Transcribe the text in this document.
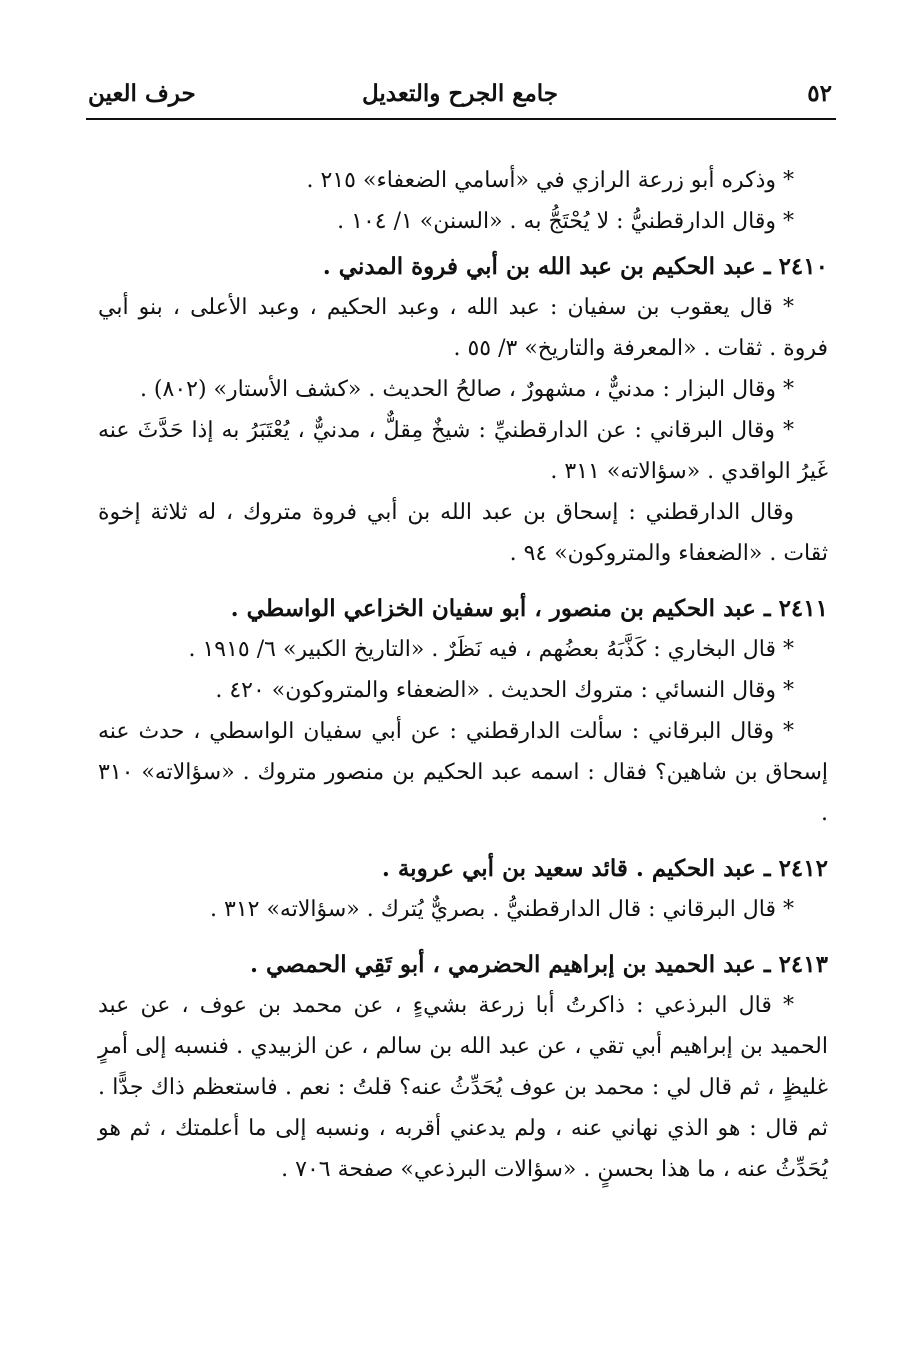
٥٢
جامع الجرح والتعديل
حرف العين

* وذكره أبو زرعة الرازي في «أسامي الضعفاء» ٢١٥ .

* وقال الدارقطنيُّ : لا يُحْتَجُّ به . «السنن» ١/ ١٠٤ .

٢٤١٠ ـ عبد الحكيم بن عبد الله بن أبي فروة المدني .

* قال يعقوب بن سفيان : عبد الله ، وعبد الحكيم ، وعبد الأعلى ، بنو أبي فروة . ثقات . «المعرفة والتاريخ» ٣/ ٥٥ .

* وقال البزار : مدنيٌّ ، مشهورٌ ، صالحُ الحديث . «كشف الأستار» (٨٠٢) .

* وقال البرقاني : عن الدارقطنيِّ : شيخٌ مِقلٌّ ، مدنيٌّ ، يُعْتَبَرُ به إذا حَدَّثَ عنه غَيرُ الواقدي . «سؤالاته» ٣١١ .

وقال الدارقطني : إسحاق بن عبد الله بن أبي فروة متروك ، له ثلاثة إخوة ثقات . «الضعفاء والمتروكون» ٩٤ .

٢٤١١ ـ عبد الحكيم بن منصور ، أبو سفيان الخزاعي الواسطي .

* قال البخاري : كَذَّبَهُ بعضُهم ، فيه نَظَرٌ . «التاريخ الكبير» ٦/ ١٩١٥ .

* وقال النسائي : متروك الحديث . «الضعفاء والمتروكون» ٤٢٠ .

* وقال البرقاني : سألت الدارقطني : عن أبي سفيان الواسطي ، حدث عنه إسحاق بن شاهين؟ فقال : اسمه عبد الحكيم بن منصور متروك . «سؤالاته» ٣١٠ .

٢٤١٢ ـ عبد الحكيم . قائد سعيد بن أبي عروبة .

* قال البرقاني : قال الدارقطنيُّ . بصريٌّ يُترك . «سؤالاته» ٣١٢ .

٢٤١٣ ـ عبد الحميد بن إبراهيم الحضرمي ، أبو تَقِي الحمصي .

* قال البرذعي : ذاكرتُ أبا زرعة بشيءٍ ، عن محمد بن عوف ، عن عبد الحميد بن إبراهيم أبي تقي ، عن عبد الله بن سالم ، عن الزبيدي . فنسبه إلى أمرٍ غليظٍ ، ثم قال لي : محمد بن عوف يُحَدِّثُ عنه؟ قلتُ : نعم . فاستعظم ذاك جدًّا . ثم قال : هو الذي نهاني عنه ، ولم يدعني أقربه ، ونسبه إلى ما أعلمتك ، ثم هو يُحَدِّثُ عنه ، ما هذا بحسنٍ . «سؤالات البرذعي» صفحة ٧٠٦ .
